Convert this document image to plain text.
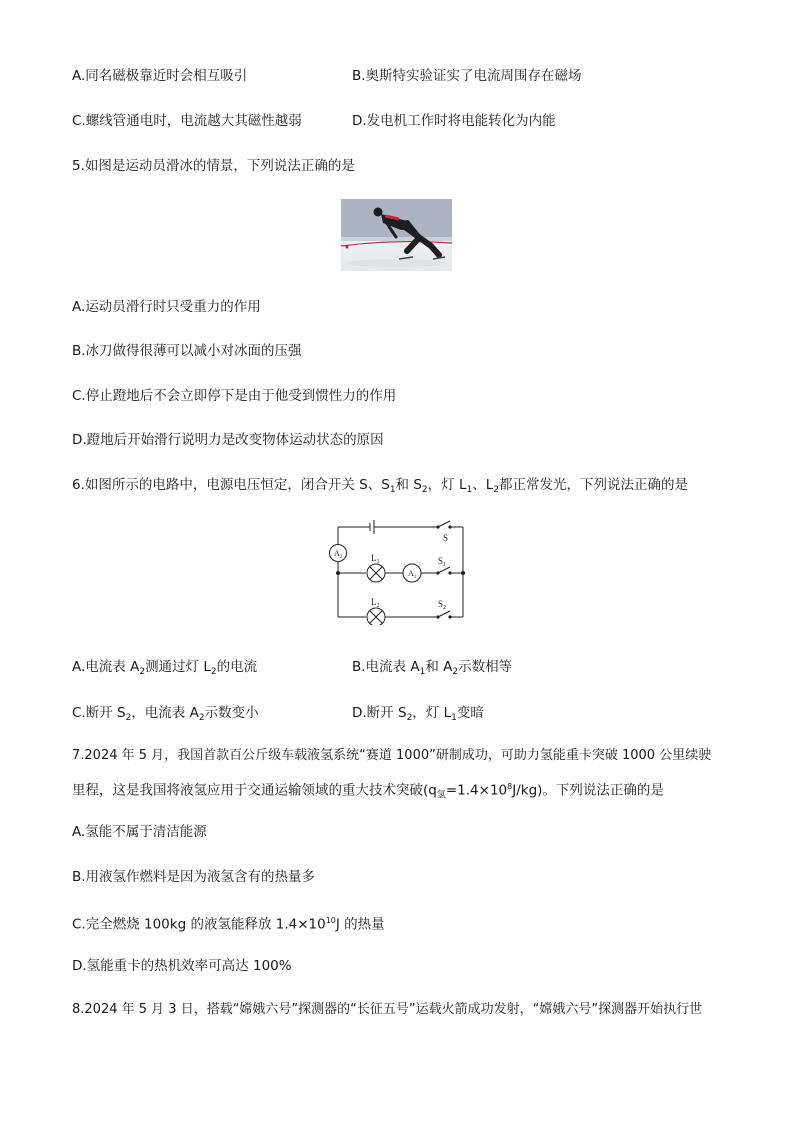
A.同名磁极靠近时会相互吸引	B.奥斯特实验证实了电流周围存在磁场
C.螺线管通电时，电流越大其磁性越弱	D.发电机工作时将电能转化为内能
5.如图是运动员滑冰的情景，下列说法正确的是
A.运动员滑行时只受重力的作用
B.冰刀做得很薄可以减小对冰面的压强
C.停止蹬地后不会立即停下是由于他受到惯性力的作用
D.蹬地后开始滑行说明力是改变物体运动状态的原因
6.如图所示的电路中，电源电压恒定，闭合开关 S、$S_1$和 $S_2$，灯 $L_1$、$L_2$都正常发光，下列说法正确的是
S
$S_1$
$S_2$
$L_1$
$L_2$
$A_1$
$A_2$
A.电流表 $A_2$测通过灯 $L_2$的电流	B.电流表 $A_1$和 $A_2$示数相等
C.断开 $S_2$，电流表 $A_2$示数变小	D.断开 $S_2$，灯 $L_1$变暗
7.2024 年 5 月，我国首款百公斤级车载液氢系统“赛道 1000”研制成功，可助力氢能重卡突破 1000 公里续驶
里程，这是我国将液氢应用于交通运输领域的重大技术突破$(q_氢=1.4\times 10^8J/kg)$。下列说法正确的是
A.氢能不属于清洁能源
B.用液氢作燃料是因为液氢含有的热量多
C.完全燃烧 100kg 的液氢能释放 $1.4\times 10^{10}J$ 的热量
D.氢能重卡的热机效率可高达 100%
8.2024 年 5 月 3 日，搭载“嫦娥六号”探测器的“长征五号”运载火箭成功发射，“嫦娥六号”探测器开始执行世
